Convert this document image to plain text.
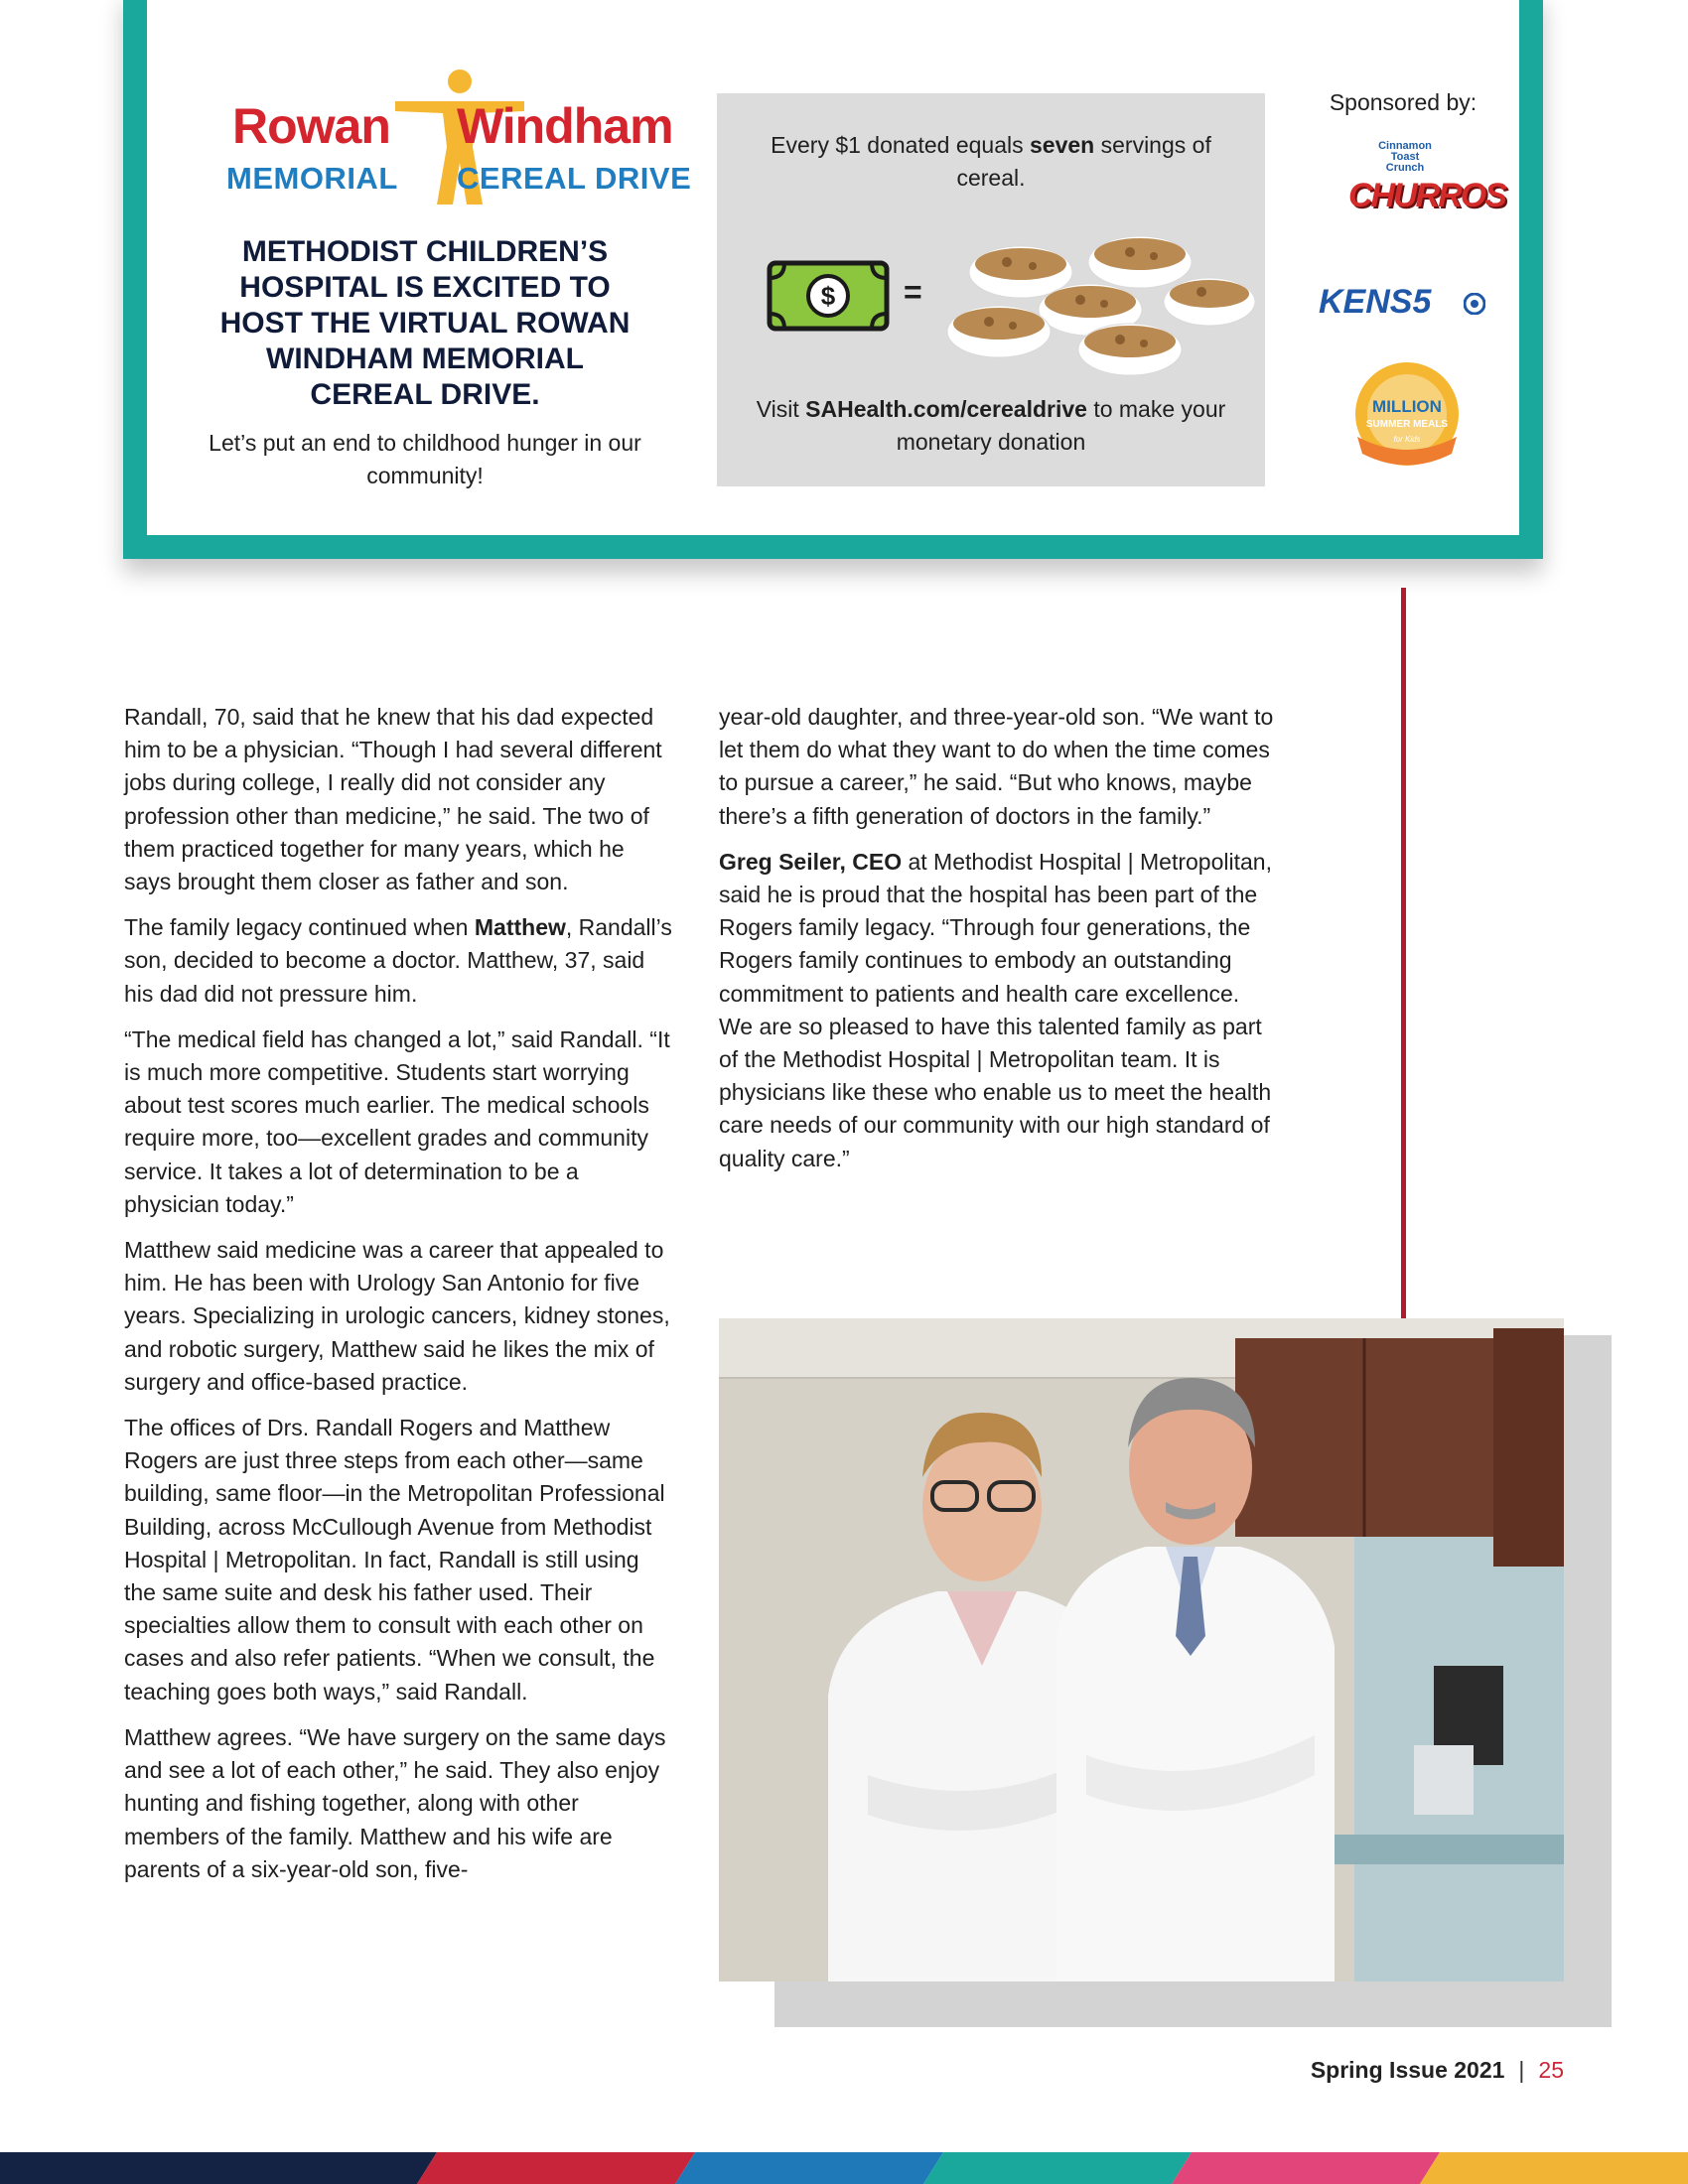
Rowan Windham
MEMORIAL CEREAL DRIVE
METHODIST CHILDREN’S HOSPITAL IS EXCITED TO HOST THE VIRTUAL ROWAN WINDHAM MEMORIAL CEREAL DRIVE.
Let’s put an end to childhood hunger in our community!
Every $1 donated equals seven servings of cereal.
$ =
Visit SAHealth.com/cerealdrive to make your monetary donation
Sponsored by:
Cinnamon Toast Crunch
CHURROS
KENS5
MILLION
SUMMER MEALS
for Kids

Randall, 70, said that he knew that his dad expected him to be a physician. “Though I had several different jobs during college, I really did not consider any profession other than medicine,” he said. The two of them practiced together for many years, which he says brought them closer as father and son.

The family legacy continued when Matthew, Randall’s son, decided to become a doctor. Matthew, 37, said his dad did not pressure him.

“The medical field has changed a lot,” said Randall. “It is much more competitive. Students start worrying about test scores much earlier. The medical schools require more, too—excellent grades and community service. It takes a lot of determination to be a physician today.”

Matthew said medicine was a career that appealed to him. He has been with Urology San Antonio for five years. Specializing in urologic cancers, kidney stones, and robotic surgery, Matthew said he likes the mix of surgery and office-based practice.

The offices of Drs. Randall Rogers and Matthew Rogers are just three steps from each other—same building, same floor—in the Metropolitan Professional Building, across McCullough Avenue from Methodist Hospital | Metropolitan. In fact, Randall is still using the same suite and desk his father used. Their specialties allow them to consult with each other on cases and also refer patients. “When we consult, the teaching goes both ways,” said Randall.

Matthew agrees. “We have surgery on the same days and see a lot of each other,” he said. They also enjoy hunting and fishing together, along with other members of the family. Matthew and his wife are parents of a six-year-old son, five-

year-old daughter, and three-year-old son. “We want to let them do what they want to do when the time comes to pursue a career,” he said. “But who knows, maybe there’s a fifth generation of doctors in the family.”

Greg Seiler, CEO at Methodist Hospital | Metropolitan, said he is proud that the hospital has been part of the Rogers family legacy. “Through four generations, the Rogers family continues to embody an outstanding commitment to patients and health care excellence. We are so pleased to have this talented family as part of the Methodist Hospital | Metropolitan team. It is physicians like these who enable us to meet the health care needs of our community with our high standard of quality care.”

Spring Issue 2021 | 25
